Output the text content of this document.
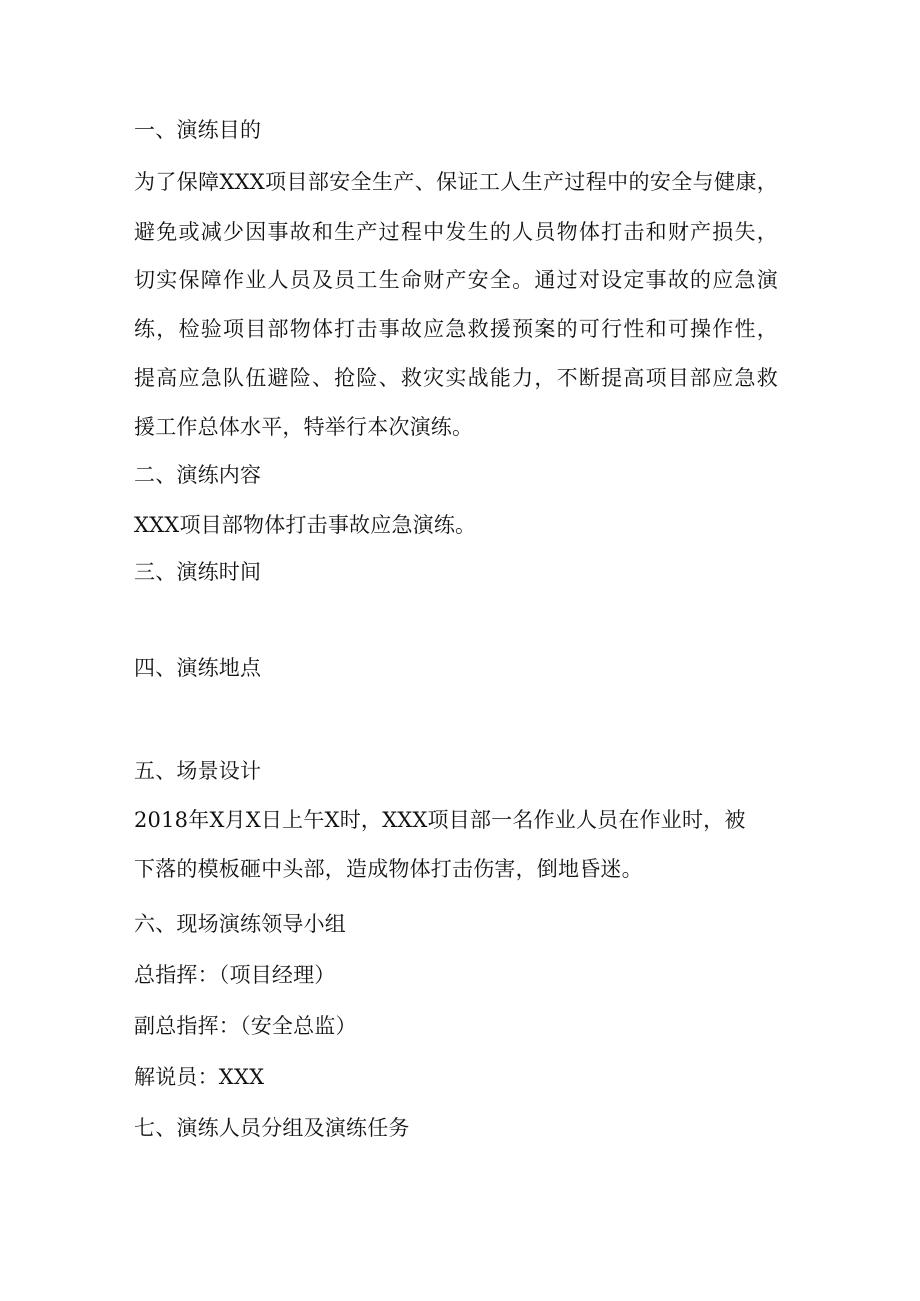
一、演练目的
为了保障XXX项目部安全生产、保证工人生产过程中的安全与健康，
避免或减少因事故和生产过程中发生的人员物体打击和财产损失，
切实保障作业人员及员工生命财产安全。通过对设定事故的应急演
练，检验项目部物体打击事故应急救援预案的可行性和可操作性，
提高应急队伍避险、抢险、救灾实战能力，不断提高项目部应急救
援工作总体水平，特举行本次演练。
二、演练内容
XXX项目部物体打击事故应急演练。
三、演练时间
四、演练地点
五、场景设计
2018年X月X日上午X时，XXX项目部一名作业人员在作业时，被
下落的模板砸中头部，造成物体打击伤害，倒地昏迷。
六、现场演练领导小组
总指挥：（项目经理）
副总指挥：（安全总监）
解说员：XXX
七、演练人员分组及演练任务
